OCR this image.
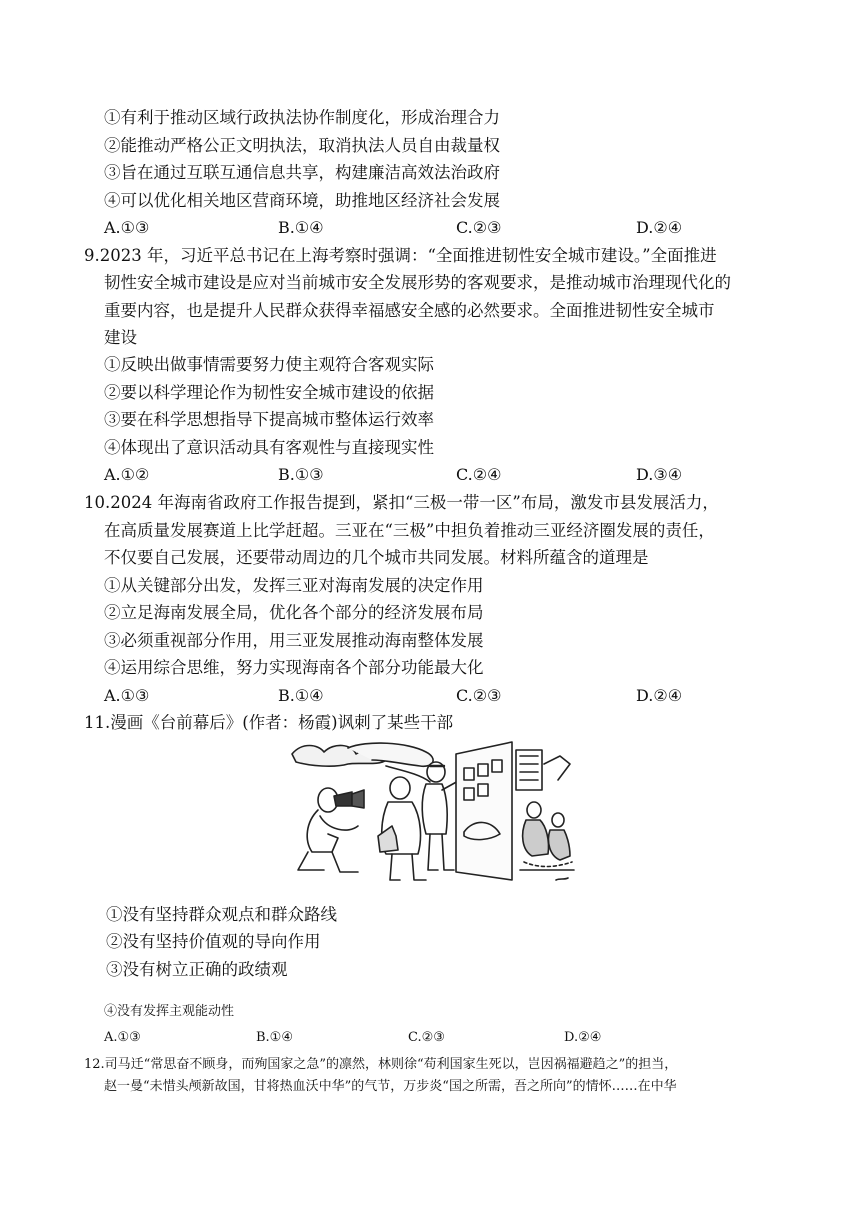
①有利于推动区域行政执法协作制度化，形成治理合力
②能推动严格公正文明执法，取消执法人员自由裁量权
③旨在通过互联互通信息共享，构建廉洁高效法治政府
④可以优化相关地区营商环境，助推地区经济社会发展
A.①③	B.①④	C.②③	D.②④
9.2023 年，习近平总书记在上海考察时强调：“全面推进韧性安全城市建设。”全面推进
韧性安全城市建设是应对当前城市安全发展形势的客观要求，是推动城市治理现代化的
重要内容，也是提升人民群众获得幸福感安全感的必然要求。全面推进韧性安全城市
建设
①反映出做事情需要努力使主观符合客观实际
②要以科学理论作为韧性安全城市建设的依据
③要在科学思想指导下提高城市整体运行效率
④体现出了意识活动具有客观性与直接现实性
A.①②	B.①③	C.②④	D.③④
10.2024 年海南省政府工作报告提到，紧扣“三极一带一区”布局，激发市县发展活力，
在高质量发展赛道上比学赶超。三亚在“三极”中担负着推动三亚经济圈发展的责任，
不仅要自己发展，还要带动周边的几个城市共同发展。材料所蕴含的道理是
①从关键部分出发，发挥三亚对海南发展的决定作用
②立足海南发展全局，优化各个部分的经济发展布局
③必须重视部分作用，用三亚发展推动海南整体发展
④运用综合思维，努力实现海南各个部分功能最大化
A.①③	B.①④	C.②③	D.②④
11.漫画《台前幕后》(作者：杨霞)讽刺了某些干部
①没有坚持群众观点和群众路线
②没有坚持价值观的导向作用
③没有树立正确的政绩观
④没有发挥主观能动性
A.①③	B.①④	C.②③	D.②④
12.司马迁“常思奋不顾身，而殉国家之急”的凛然，林则徐“苟利国家生死以，岂因祸福避趋之”的担当，
赵一曼“未惜头颅新故国，甘将热血沃中华”的气节，万步炎“国之所需，吾之所向”的情怀……在中华
